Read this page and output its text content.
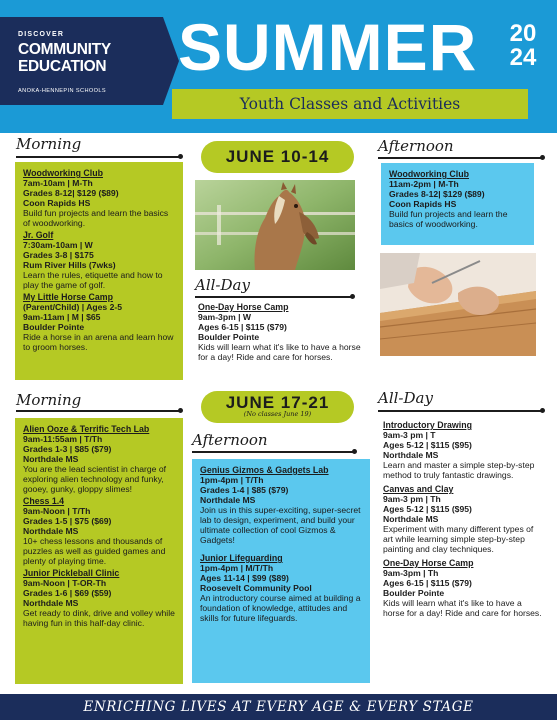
DISCOVER
COMMUNITY
EDUCATION
ANOKA-HENNEPIN SCHOOLS
SUMMER 2024
Youth Classes and Activities
Morning
JUNE 10-14
Afternoon
Woodworking Club
7am-10am | M-Th
Grades 8-12| $129 ($89)
Coon Rapids HS
Build fun projects and learn the basics of woodworking.
Jr. Golf
7:30am-10am | W
Grades 3-8 | $175
Rum River Hills (7wks)
Learn the rules, etiquette and how to play the game of golf.
My Little Horse Camp
(Parent/Child) | Ages 2-5
9am-11am | M | $65
Boulder Pointe
Ride a horse in an arena and learn how to groom horses.
Woodworking Club
11am-2pm | M-Th
Grades 8-12| $129 ($89)
Coon Rapids HS
Build fun projects and learn the basics of woodworking.
All-Day
One-Day Horse Camp
9am-3pm | W
Ages 6-15 | $115 ($79)
Boulder Pointe
Kids will learn what it's like to have a horse for a day! Ride and care for horses.
Morning	JUNE 17-21
(No classes June 19)
All-Day
Alien Ooze & Terrific Tech Lab
9am-11:55am | T/Th
Grades 1-3 | $85 ($79)
Northdale MS
You are the lead scientist in charge of exploring alien technology and funky, gooey, gunky, gloppy slimes!
Chess 1.4
9am-Noon | T/Th
Grades 1-5 | $75 ($69)
Northdale MS
10+ chess lessons and thousands of puzzles as well as guided games and plenty of playing time.
Junior Pickleball Clinic
9am-Noon | T-OR-Th
Grades 1-6 | $69 ($59)
Northdale MS
Get ready to dink, drive and volley while having fun in this half-day clinic.
Afternoon
Genius Gizmos & Gadgets Lab
1pm-4pm | T/Th
Grades 1-4 | $85 ($79)
Northdale MS
Join us in this super-exciting, super-secret lab to design, experiment, and build your ultimate collection of cool Gizmos & Gadgets!
Junior Lifeguarding
1pm-4pm | M/T/Th
Ages 11-14 | $99 ($89)
Roosevelt Community Pool
An introductory course aimed at building a foundation of knowledge, attitudes and skills for future lifeguards.
Introductory Drawing
9am-3 pm | T
Ages 5-12 | $115 ($95)
Northdale MS
Learn and master a simple step-by-step method to truly fantastic drawings.
Canvas and Clay
9am-3 pm | Th
Ages 5-12 | $115 ($95)
Northdale MS
Experiment with many different types of art while learning simple step-by-step painting and clay techniques.
One-Day Horse Camp
9am-3pm | Th
Ages 6-15 | $115 ($79)
Boulder Pointe
Kids will learn what it's like to have a horse for a day! Ride and care for horses.
ENRICHING LIVES AT EVERY AGE & EVERY STAGE
